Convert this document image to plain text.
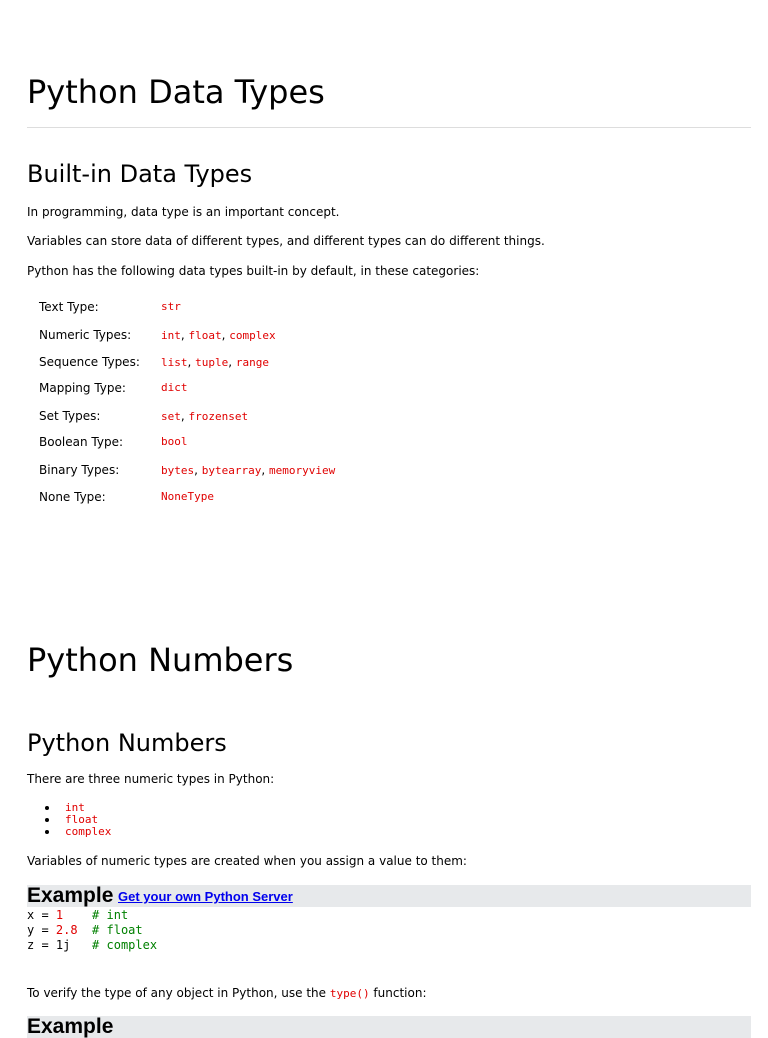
Python Data Types
Built-in Data Types
In programming, data type is an important concept.
Variables can store data of different types, and different types can do different things.
Python has the following data types built-in by default, in these categories:
Text Type:	str
Numeric Types:	int, float, complex
Sequence Types: list, tuple, range
Mapping Type:	dict
Set Types:	set, frozenset
Boolean Type:	bool
Binary Types:	bytes, bytearray, memoryview
None Type:	NoneType
Python Numbers
Python Numbers
There are three numeric types in Python:
int
float
complex
Variables of numeric types are created when you assign a value to them:
Example Get your own Python Server
x = 1 # int
y = 2.8 # float
z = 1j # complex
To verify the type of any object in Python, use the type() function:
Example
